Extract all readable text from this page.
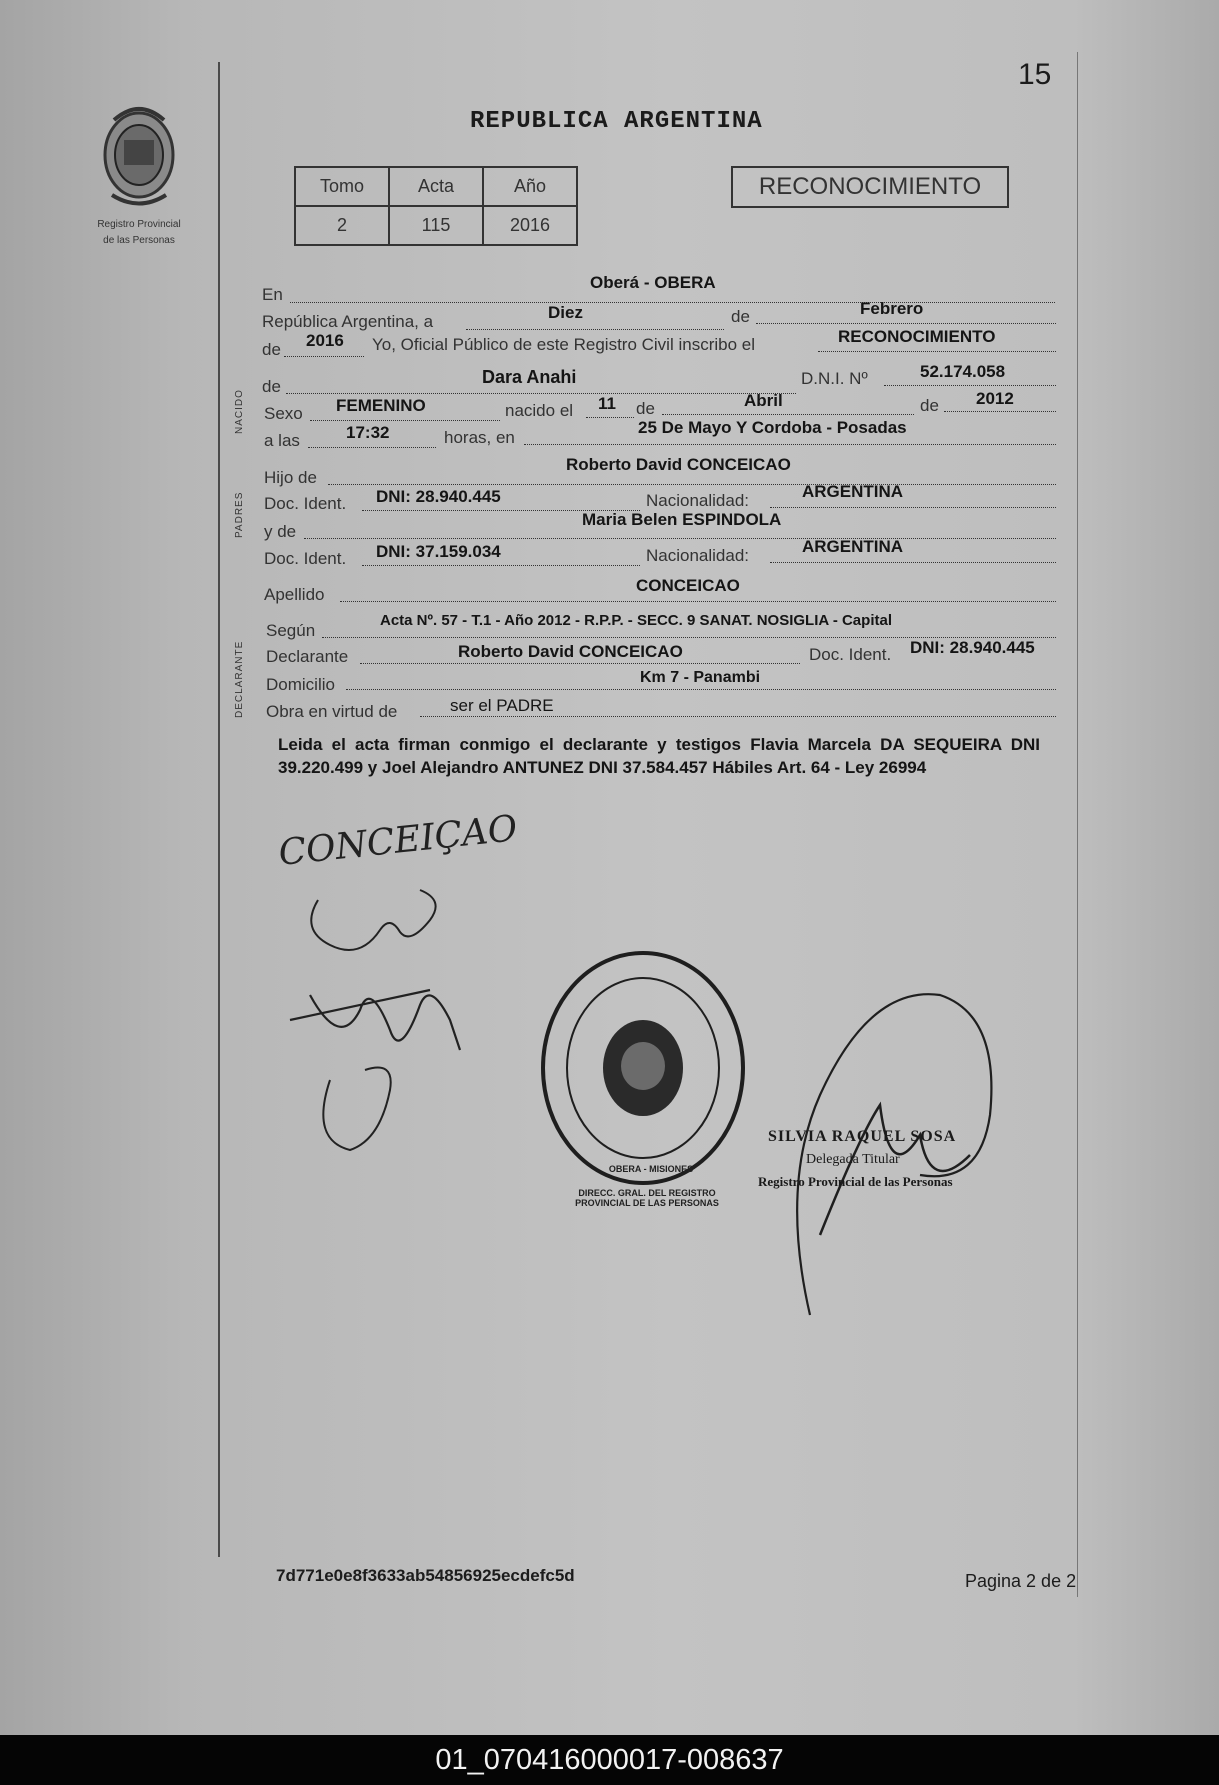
15
REPUBLICA ARGENTINA
Registro Provincial
de las Personas
Tomo	Acta	Año
2	115	2016
RECONOCIMIENTO
NACIDO
PADRES
DECLARANTE
En
Oberá - OBERA
República Argentina, a	Diez	de	Febrero
de 2016 Yo, Oficial Público de este Registro Civil inscribo el	RECONOCIMIENTO
de	Dara Anahi	D.N.I. Nº	52.174.058
Sexo FEMENINO	nacido el 11 de	Abril	de 2012
a las	17:32	horas, en
25 De Mayo Y Cordoba - Posadas
Hijo de
Roberto David CONCEICAO
Doc. Ident. DNI: 28.940.445	Nacionalidad:	ARGENTINA
y de
Maria Belen ESPINDOLA
Doc. Ident. DNI: 37.159.034	Nacionalidad:	ARGENTINA
Apellido	CONCEICAO
Según
Acta Nº. 57 - T.1 - Año 2012 - R.P.P. - SECC. 9 SANAT. NOSIGLIA - Capital
Declarante	Roberto David CONCEICAO	Doc. Ident. DNI: 28.940.445
Domicilio	Km 7 - Panambi
Obra en virtud de	ser el PADRE
Leida el acta firman conmigo el declarante y testigos Flavia Marcela DA SEQUEIRA DNI 39.220.499 y Joel Alejandro ANTUNEZ DNI 37.584.457 Hábiles Art. 64 - Ley 26994
CONCEIÇAO
DIRECC. GRAL. DEL REGISTRO PROVINCIAL DE LAS PERSONAS
OBERA - MISIONES
SILVIA RAQUEL SOSA
Delegada Titular
Registro Provincial de las Personas
7d771e0e8f3633ab54856925ecdefc5d	Pagina 2 de 2
01_070416000017-008637
